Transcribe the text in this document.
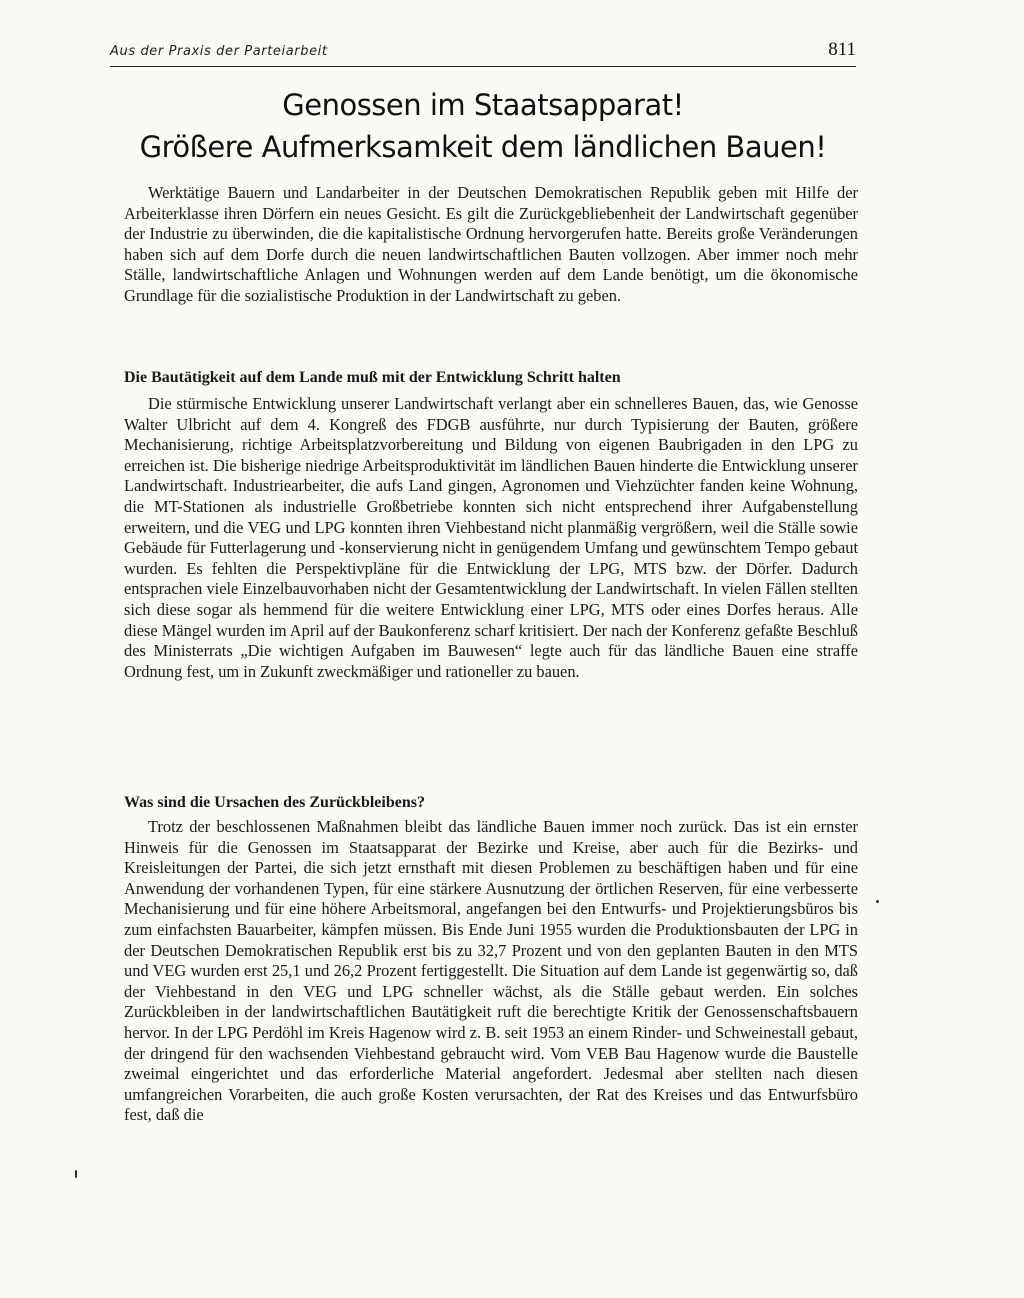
Aus der Praxis der Parteiarbeit	811
Genossen im Staatsapparat!
Größere Aufmerksamkeit dem ländlichen Bauen!

Werktätige Bauern und Landarbeiter in der Deutschen Demokratischen Republik geben mit Hilfe der Arbeiterklasse ihren Dörfern ein neues Gesicht. Es gilt die Zurückgebliebenheit der Landwirtschaft gegenüber der Industrie zu überwinden, die die kapitalistische Ordnung hervorgerufen hatte. Bereits große Veränderungen haben sich auf dem Dorfe durch die neuen landwirtschaftlichen Bauten vollzogen. Aber immer noch mehr Ställe, landwirtschaftliche Anlagen und Wohnungen werden auf dem Lande benötigt, um die ökonomische Grundlage für die sozialistische Produktion in der Landwirtschaft zu geben.

Die Bautätigkeit auf dem Lande muß mit der Entwicklung Schritt halten

Die stürmische Entwicklung unserer Landwirtschaft verlangt aber ein schnelleres Bauen, das, wie Genosse Walter Ulbricht auf dem 4. Kongreß des FDGB ausführte, nur durch Typisierung der Bauten, größere Mechanisierung, richtige Arbeitsplatzvorbereitung und Bildung von eigenen Baubrigaden in den LPG zu erreichen ist. Die bisherige niedrige Arbeitsproduktivität im ländlichen Bauen hinderte die Entwicklung unserer Landwirtschaft. Industriearbeiter, die aufs Land gingen, Agronomen und Viehzüchter fanden keine Wohnung, die MT-Stationen als industrielle Großbetriebe konnten sich nicht entsprechend ihrer Aufgabenstellung erweitern, und die VEG und LPG konnten ihren Viehbestand nicht planmäßig vergrößern, weil die Ställe sowie Gebäude für Futterlagerung und -konservierung nicht in genügendem Umfang und gewünschtem Tempo gebaut wurden. Es fehlten die Perspektivpläne für die Entwicklung der LPG, MTS bzw. der Dörfer. Dadurch entsprachen viele Einzelbauvorhaben nicht der Gesamtentwicklung der Landwirtschaft. In vielen Fällen stellten sich diese sogar als hemmend für die weitere Entwicklung einer LPG, MTS oder eines Dorfes heraus. Alle diese Mängel wurden im April auf der Baukonferenz scharf kritisiert. Der nach der Konferenz gefaßte Beschluß des Ministerrats „Die wichtigen Aufgaben im Bauwesen“ legte auch für das ländliche Bauen eine straffe Ordnung fest, um in Zukunft zweckmäßiger und rationeller zu bauen.

Was sind die Ursachen des Zurückbleibens?

Trotz der beschlossenen Maßnahmen bleibt das ländliche Bauen immer noch zurück. Das ist ein ernster Hinweis für die Genossen im Staatsapparat der Bezirke und Kreise, aber auch für die Bezirks- und Kreisleitungen der Partei, die sich jetzt ernsthaft mit diesen Problemen zu beschäftigen haben und für eine Anwendung der vorhandenen Typen, für eine stärkere Ausnutzung der örtlichen Reserven, für eine verbesserte Mechanisierung und für eine höhere Arbeitsmoral, angefangen bei den Entwurfs- und Projektierungsbüros bis zum einfachsten Bauarbeiter, kämpfen müssen. Bis Ende Juni 1955 wurden die Produktionsbauten der LPG in der Deutschen Demokratischen Republik erst bis zu 32,7 Prozent und von den geplanten Bauten in den MTS und VEG wurden erst 25,1 und 26,2 Prozent fertiggestellt. Die Situation auf dem Lande ist gegenwärtig so, daß der Viehbestand in den VEG und LPG schneller wächst, als die Ställe gebaut werden. Ein solches Zurückbleiben in der landwirtschaftlichen Bautätigkeit ruft die berechtigte Kritik der Genossenschaftsbauern hervor. In der LPG Perdöhl im Kreis Hagenow wird z. B. seit 1953 an einem Rinder- und Schweinestall gebaut, der dringend für den wachsenden Viehbestand gebraucht wird. Vom VEB Bau Hagenow wurde die Baustelle zweimal eingerichtet und das erforderliche Material angefordert. Jedesmal aber stellten nach diesen umfangreichen Vorarbeiten, die auch große Kosten verursachten, der Rat des Kreises und das Entwurfsbüro fest, daß die
